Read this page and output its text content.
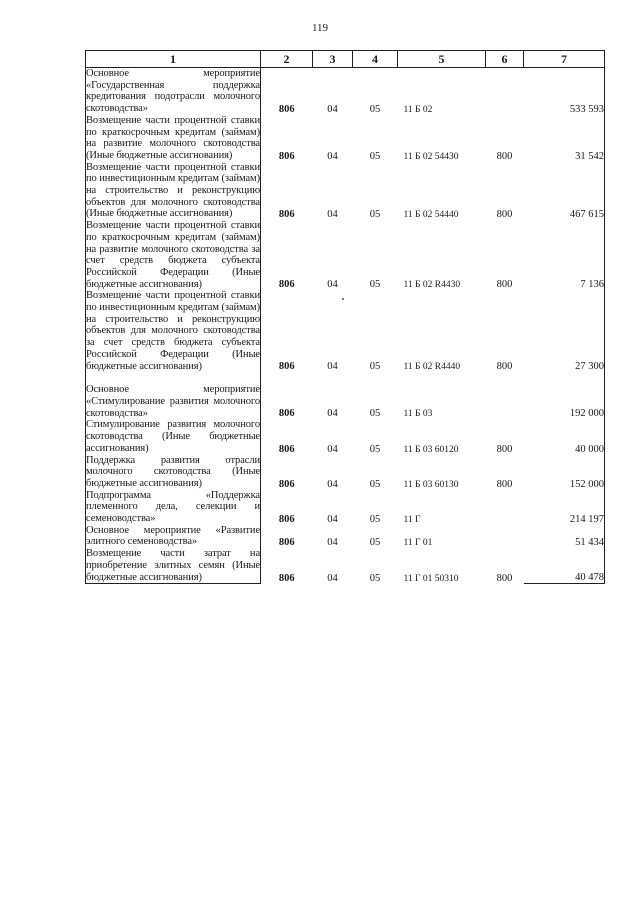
119
1	2	3	4	5	6	7
Основное мероприятие «Государственная поддержка кредитования подотрасли молочного скотоводства»	806	04	05	11 Б 02		533 593
Возмещение части процентной ставки по краткосрочным кредитам (займам) на развитие молочного скотоводства (Иные бюджетные ассигнования)	806	04	05	11 Б 02 54430	800	31 542
Возмещение части процентной ставки по инвестиционным кредитам (займам) на строительство и реконструкцию объектов для молочного скотоводства (Иные бюджетные ассигнования)	806	04	05	11 Б 02 54440	800	467 615
Возмещение части процентной ставки по краткосрочным кредитам (займам) на развитие молочного скотоводства за счет средств бюджета субъекта Российской Федерации (Иные бюджетные ассигнования)	806	04	05	11 Б 02 R4430	800	7 136
Возмещение части процентной ставки по инвестиционным кредитам (займам) на строительство и реконструкцию объектов для молочного скотоводства за счет средств бюджета субъекта Российской Федерации (Иные бюджетные ассигнования)	806	04	05	11 Б 02 R4440	800	27 300
Основное мероприятие «Стимулирование развития молочного скотоводства»	806	04	05	11 Б 03		192 000
Стимулирование развития молочного скотоводства (Иные бюджетные ассигнования)	806	04	05	11 Б 03 60120	800	40 000
Поддержка развития отрасли молочного скотоводства (Иные бюджетные ассигнования)	806	04	05	11 Б 03 60130	800	152 000
Подпрограмма «Поддержка племенного дела, селекции и семеноводства»	806	04	05	11 Г		214 197
Основное мероприятие «Развитие элитного семеноводства»	806	04	05	11 Г 01		51 434
Возмещение части затрат на приобретение элитных семян (Иные бюджетные ассигнования)	806	04	05	11 Г 01 50310	800	40 478
